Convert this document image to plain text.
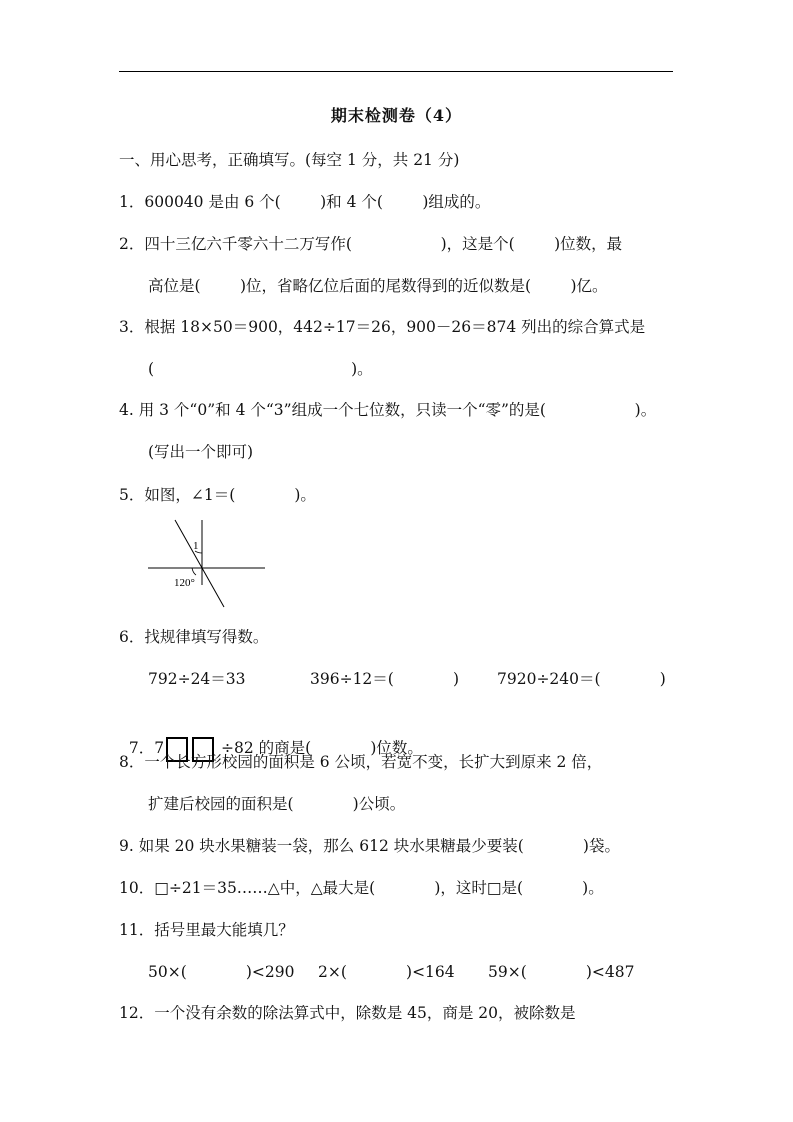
期末检测卷（4）
一、用心思考，正确填写。(每空 1 分，共 21 分)
1．600040 是由 6 个(        )和 4 个(        )组成的。
2．四十三亿六千零六十二万写作(                  )，这是个(        )位数，最
高位是(        )位，省略亿位后面的尾数得到的近似数是(        )亿。
3．根据 18×50＝900，442÷17＝26，900－26＝874 列出的综合算式是
(                                        )。
4. 用 3 个“0”和 4 个“3”组成一个七位数，只读一个“零”的是(                  )。
(写出一个即可)
5．如图，∠1＝(            )。
1
120°
6．找规律填写得数。
792÷24＝33	396÷12＝(            ) 7920÷240＝(            )

7．7	÷82 的商是(            )位数。

8．一个长方形校园的面积是 6 公顷，若宽不变，长扩大到原来 2 倍，
扩建后校园的面积是(            )公顷。
9. 如果 20 块水果糖装一袋，那么 612 块水果糖最少要装(            )袋。
10．□÷21＝35……△中，△最大是(            )，这时□是(            )。
11．括号里最大能填几？
50×(            )<290 2×(            )<164 59×(            )<487
12．一个没有余数的除法算式中，除数是 45，商是 20，被除数是
